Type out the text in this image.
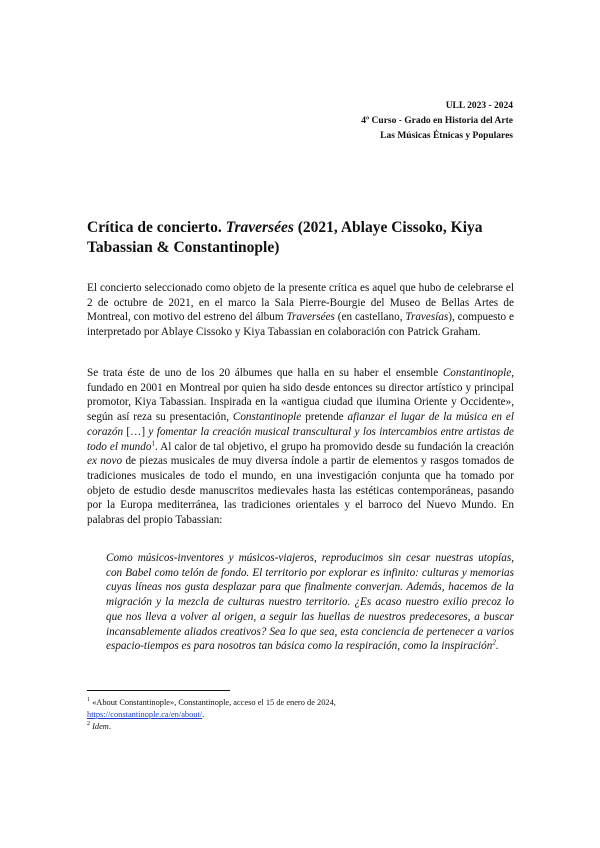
ULL 2023 - 2024
4º Curso - Grado en Historia del Arte
Las Músicas Étnicas y Populares
Crítica de concierto. Traversées (2021, Ablaye Cissoko, Kiya Tabassian & Constantinople)
El concierto seleccionado como objeto de la presente crítica es aquel que hubo de celebrarse el 2 de octubre de 2021, en el marco la Sala Pierre-Bourgie del Museo de Bellas Artes de Montreal, con motivo del estreno del álbum Traversées (en castellano, Travesías), compuesto e interpretado por Ablaye Cissoko y Kiya Tabassian en colaboración con Patrick Graham.
Se trata éste de uno de los 20 álbumes que halla en su haber el ensemble Constantinople, fundado en 2001 en Montreal por quien ha sido desde entonces su director artístico y principal promotor, Kiya Tabassian. Inspirada en la «antigua ciudad que ilumina Oriente y Occidente», según así reza su presentación, Constantinople pretende afianzar el lugar de la música en el corazón […] y fomentar la creación musical transcultural y los intercambios entre artistas de todo el mundo$^1$. Al calor de tal objetivo, el grupo ha promovido desde su fundación la creación ex novo de piezas musicales de muy diversa índole a partir de elementos y rasgos tomados de tradiciones musicales de todo el mundo, en una investigación conjunta que ha tomado por objeto de estudio desde manuscritos medievales hasta las estéticas contemporáneas, pasando por la Europa mediterránea, las tradiciones orientales y el barroco del Nuevo Mundo. En palabras del propio Tabassian:
Como músicos-inventores y músicos-viajeros, reproducimos sin cesar nuestras utopías, con Babel como telón de fondo. El territorio por explorar es infinito: culturas y memorias cuyas líneas nos gusta desplazar para que finalmente converjan. Además, hacemos de la migración y la mezcla de culturas nuestro territorio. ¿Es acaso nuestro exilio precoz lo que nos lleva a volver al origen, a seguir las huellas de nuestros predecesores, a buscar incansablemente aliados creativos? Sea lo que sea, esta conciencia de pertenecer a varios espacio-tiempos es para nosotros tan básica como la respiración, como la inspiración$^2$.
$^1$ «About Constantinople», Constantinople, acceso el 15 de enero de 2024,
https://constantinople.ca/en/about/.
$^2$ Idem.
